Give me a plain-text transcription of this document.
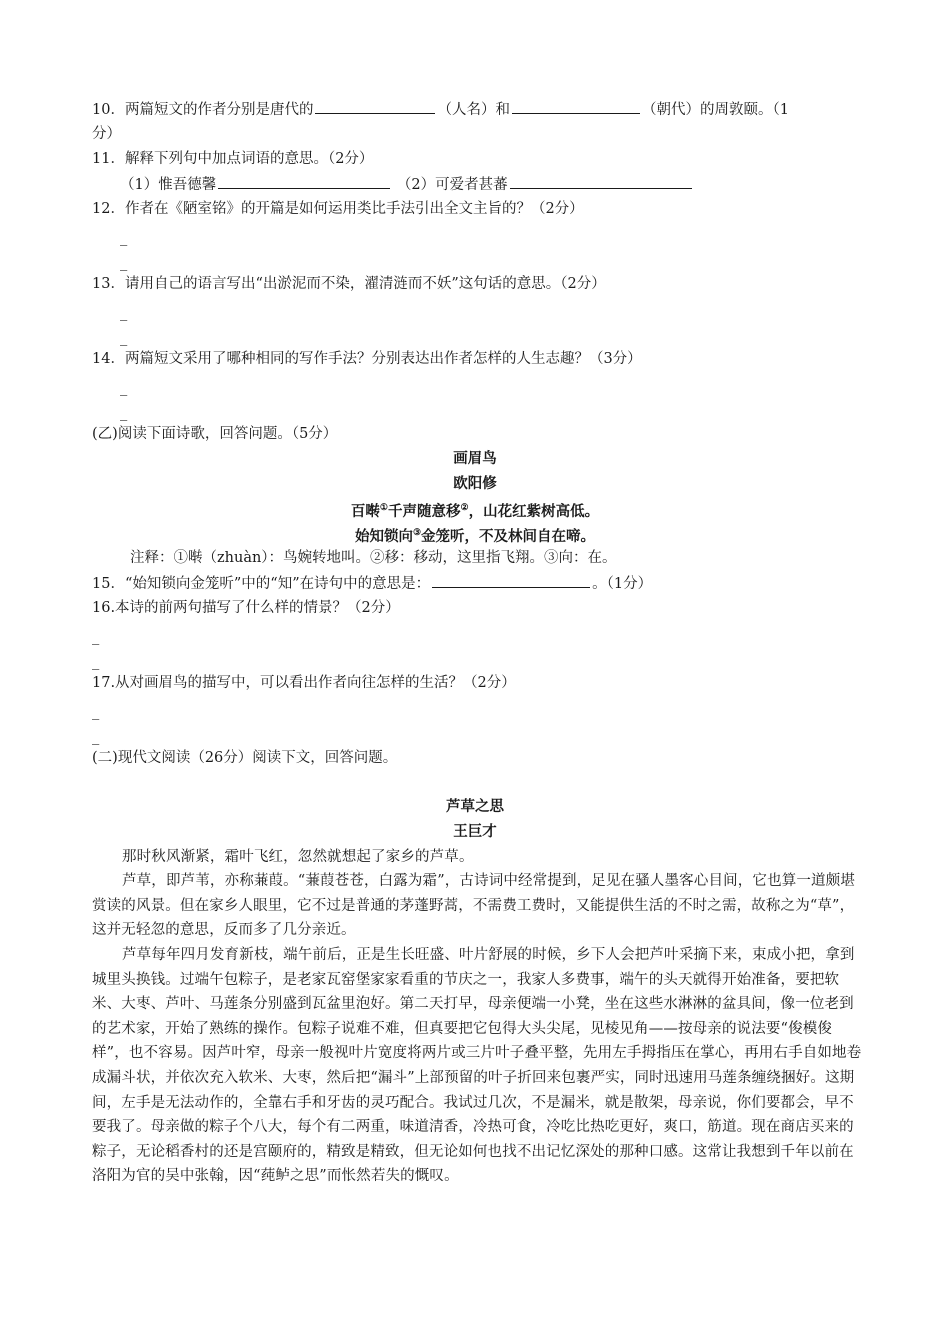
10．两篇短文的作者分别是唐代的	（人名）和	（朝代）的周敦颐。（1
分）
11．解释下列句中加点词语的意思。（2分）
（1）惟吾德馨	（2）可爱者甚蕃
12．作者在《陋室铭》的开篇是如何运用类比手法引出全文主旨的？（2分）
_
_
13．请用自己的语言写出“出淤泥而不染，濯清涟而不妖”这句话的意思。（2分）
_
_
14．两篇短文采用了哪种相同的写作手法？分别表达出作者怎样的人生志趣？（3分）
_
_
(乙)阅读下面诗歌，回答问题。（5分）
画眉鸟
欧阳修
百啭①千声随意移②，山花红紫树高低。
始知锁向③金笼听，不及林间自在啼。
注释：①啭（zhuàn）：鸟婉转地叫。②移：移动，这里指飞翔。③向：在。
15．“始知锁向金笼听”中的“知”在诗句中的意思是：	。（1分）
16.本诗的前两句描写了什么样的情景？（2分）
_
_
17.从对画眉鸟的描写中，可以看出作者向往怎样的生活？（2分）
_
_
(二)现代文阅读（26分）阅读下文，回答问题。
芦草之思
王巨才
那时秋风渐紧，霜叶飞红，忽然就想起了家乡的芦草。
芦草，即芦苇，亦称蒹葭。“蒹葭苍苍，白露为霜”，古诗词中经常提到，足见在骚人墨客心目间，它也算一道颇堪赏读的风景。但在家乡人眼里，它不过是普通的茅蓬野蒿，不需费工费时，又能提供生活的不时之需，故称之为“草”，这并无轻忽的意思，反而多了几分亲近。
芦草每年四月发育新枝，端午前后，正是生长旺盛、叶片舒展的时候，乡下人会把芦叶采摘下来，束成小把，拿到城里头换钱。过端午包粽子，是老家瓦窑堡家家看重的节庆之一，我家人多费事，端午的头天就得开始准备，要把软米、大枣、芦叶、马莲条分别盛到瓦盆里泡好。第二天打早，母亲便端一小凳，坐在这些水淋淋的盆具间，像一位老到的艺术家，开始了熟练的操作。包粽子说难不难，但真要把它包得大头尖尾，见棱见角——按母亲的说法要“俊模俊样”，也不容易。因芦叶窄，母亲一般视叶片宽度将两片或三片叶子叠平整，先用左手拇指压在掌心，再用右手自如地卷成漏斗状，并依次充入软米、大枣，然后把“漏斗”上部预留的叶子折回来包裹严实，同时迅速用马莲条缠绕捆好。这期间，左手是无法动作的，全靠右手和牙齿的灵巧配合。我试过几次，不是漏米，就是散架，母亲说，你们要都会，早不要我了。母亲做的粽子个八大，每个有二两重，味道清香，冷热可食，冷吃比热吃更好，爽口，筋道。现在商店买来的粽子，无论稻香村的还是宫颐府的，精致是精致，但无论如何也找不出记忆深处的那种口感。这常让我想到千年以前在洛阳为官的吴中张翰，因“莼鲈之思”而怅然若失的慨叹。
